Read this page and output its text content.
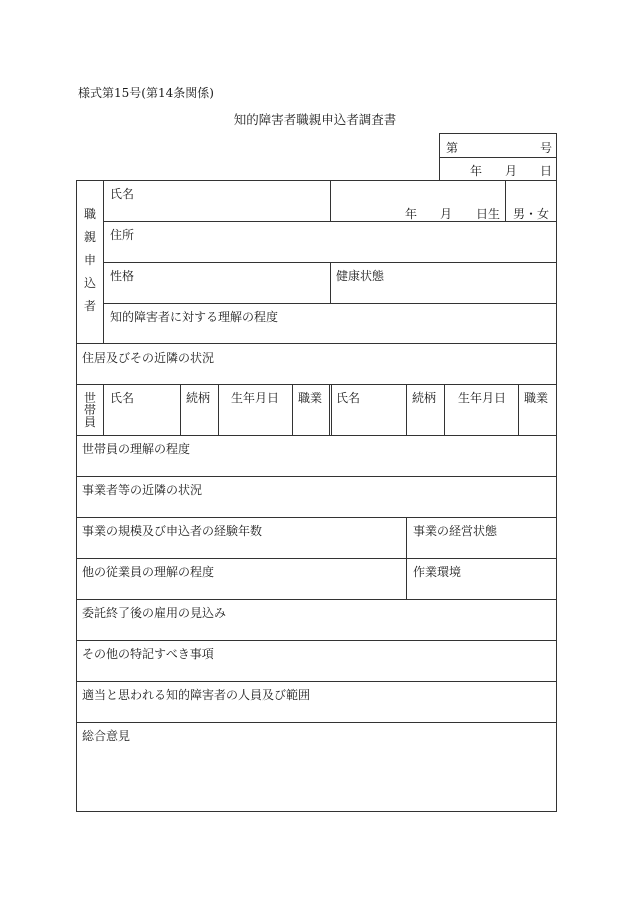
様式第15号(第14条関係)
知的障害者職親申込者調査書
第	号
年 月 日
職
親
申
込
者
氏名
年 月 日生 男・女
住所
性格	健康状態
知的障害者に対する理解の程度
住居及びその近隣の状況
世
帯
員
氏名	続柄 生年月日 職業 氏名	続柄 生年月日 職業
世帯員の理解の程度
事業者等の近隣の状況
事業の規模及び申込者の経験年数	事業の経営状態
他の従業員の理解の程度	作業環境
委託終了後の雇用の見込み
その他の特記すべき事項
適当と思われる知的障害者の人員及び範囲
総合意見
